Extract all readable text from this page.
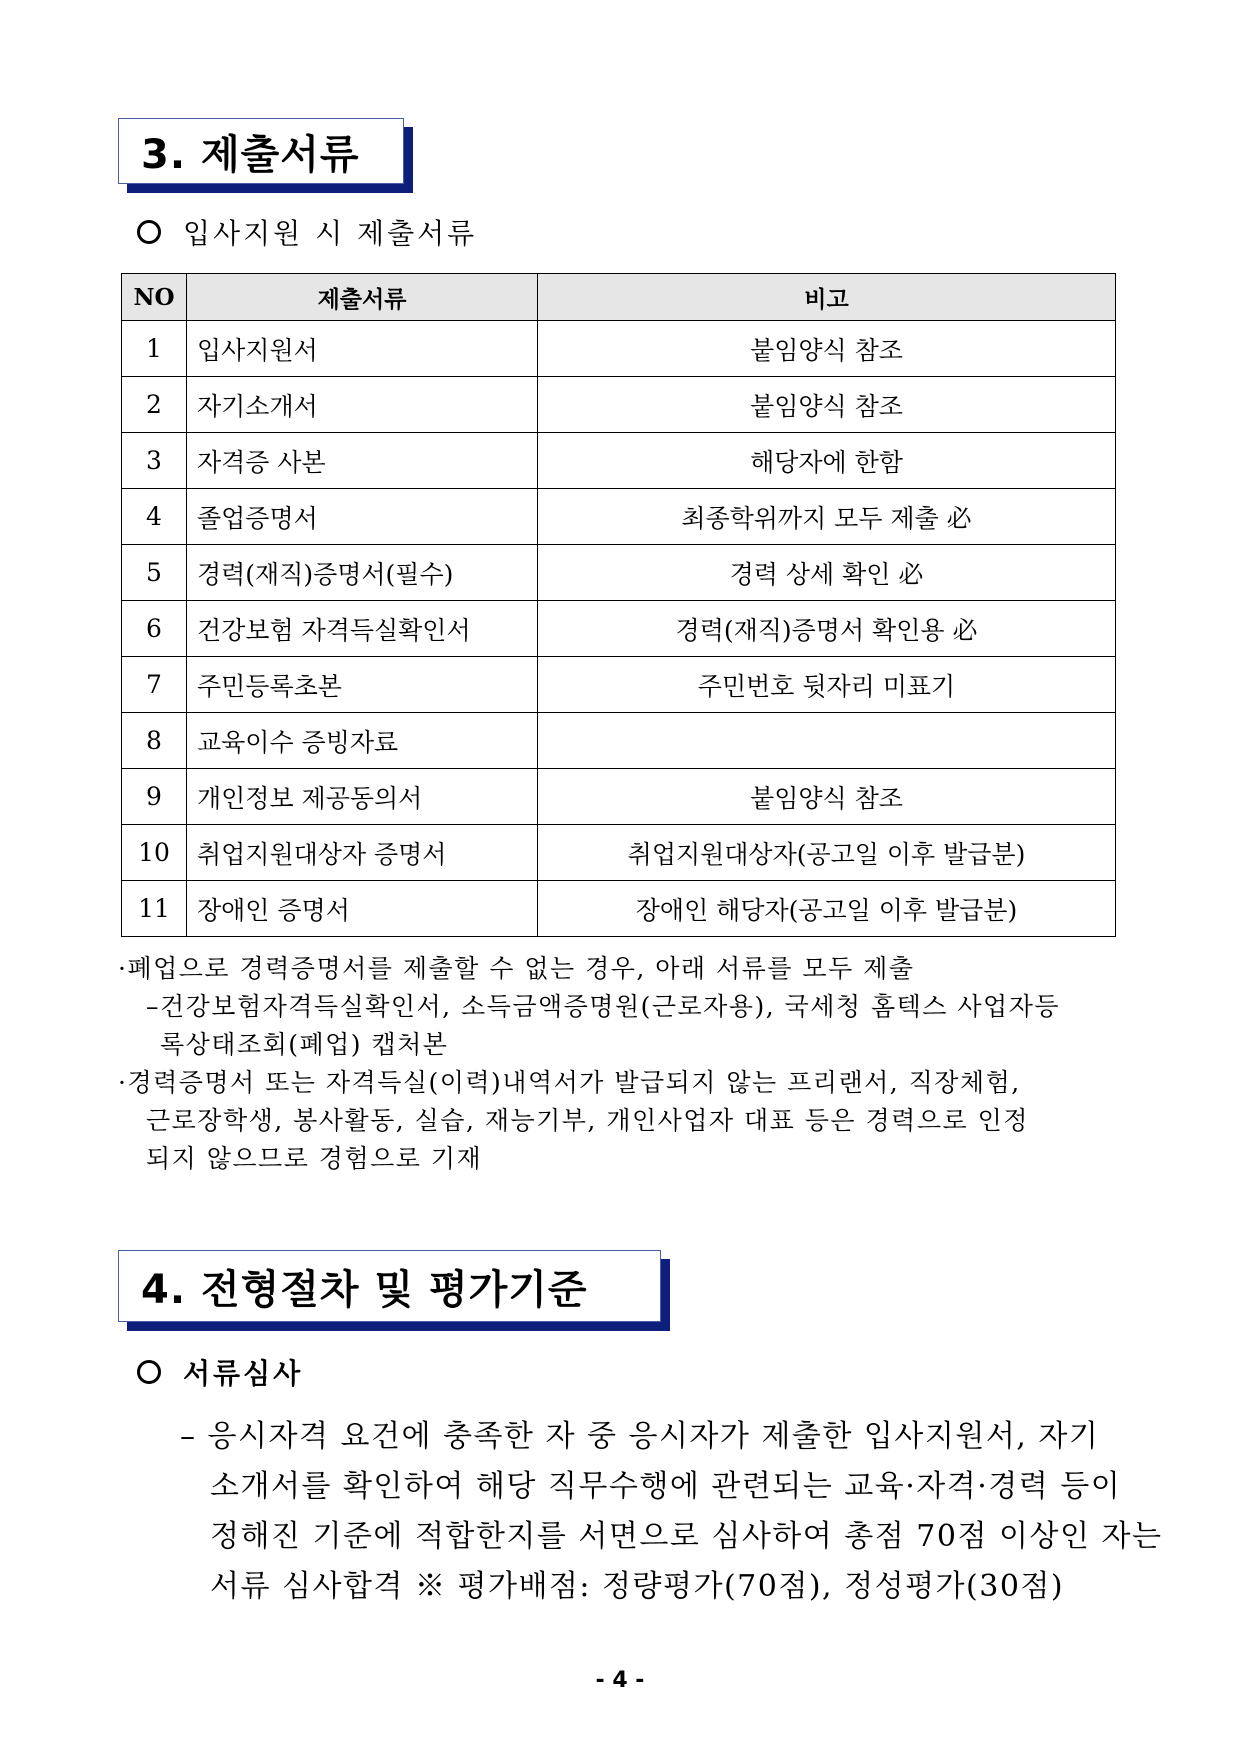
3. 제출서류
입사지원 시 제출서류
NO	제출서류	비고
1	입사지원서	붙임양식 참조
2	자기소개서	붙임양식 참조
3	자격증 사본	해당자에 한함
4	졸업증명서	최종학위까지 모두 제출 必
5	경력(재직)증명서(필수)	경력 상세 확인 必
6	건강보험 자격득실확인서	경력(재직)증명서 확인용 必
7	주민등록초본	주민번호 뒷자리 미표기
8	교육이수 증빙자료	
9	개인정보 제공동의서	붙임양식 참조
10	취업지원대상자 증명서	취업지원대상자(공고일 이후 발급분)
11	장애인 증명서	장애인 해당자(공고일 이후 발급분)
·폐업으로 경력증명서를 제출할 수 없는 경우, 아래 서류를 모두 제출
–건강보험자격득실확인서, 소득금액증명원(근로자용), 국세청 홈텍스 사업자등
록상태조회(폐업) 캡처본
·경력증명서 또는 자격득실(이력)내역서가 발급되지 않는 프리랜서, 직장체험,
근로장학생, 봉사활동, 실습, 재능기부, 개인사업자 대표 등은 경력으로 인정
되지 않으므로 경험으로 기재
4. 전형절차 및 평가기준
서류심사
– 응시자격 요건에 충족한 자 중 응시자가 제출한 입사지원서, 자기
소개서를 확인하여 해당 직무수행에 관련되는 교육·자격·경력 등이
정해진 기준에 적합한지를 서면으로 심사하여 총점 70점 이상인 자는
서류 심사합격 ※ 평가배점: 정량평가(70점), 정성평가(30점)
- 4 -
